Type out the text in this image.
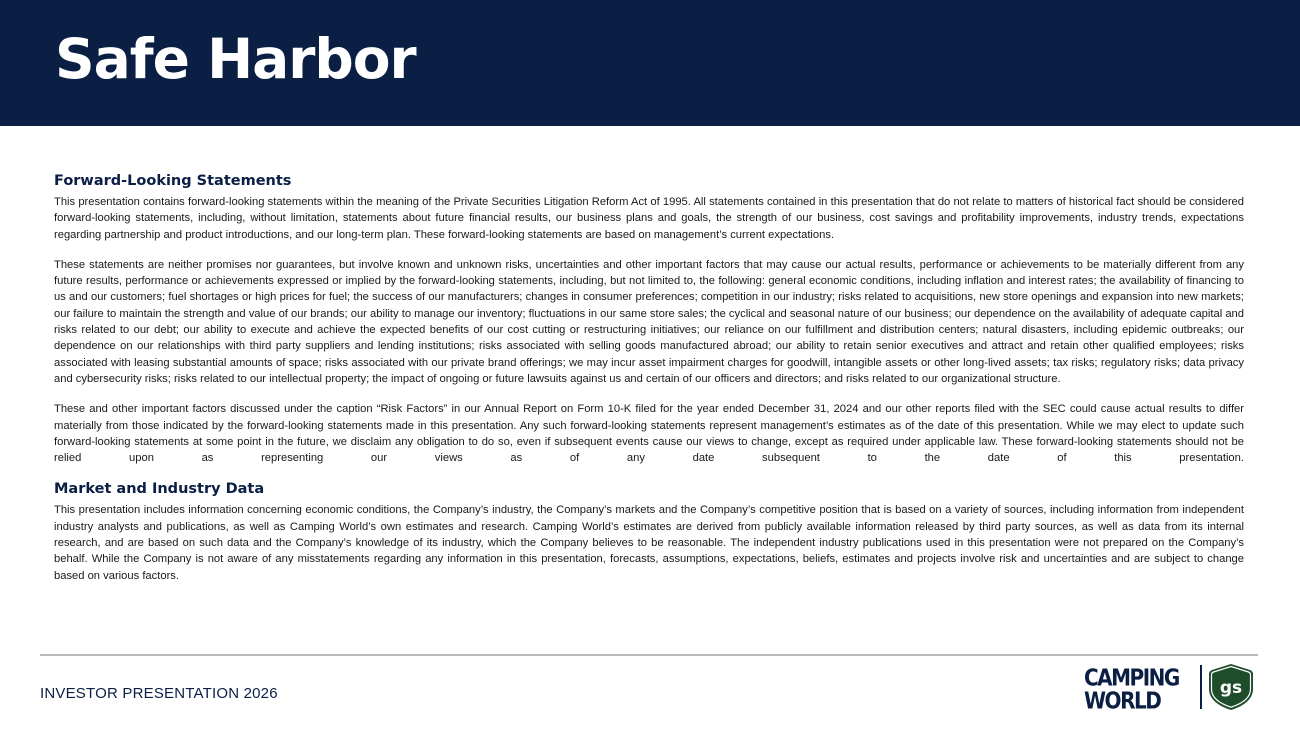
Safe Harbor
Forward-Looking Statements

This presentation contains forward-looking statements within the meaning of the Private Securities Litigation Reform Act of 1995. All statements contained in this presentation that do not relate to matters of historical fact should be considered forward-looking statements, including, without limitation, statements about future financial results, our business plans and goals, the strength of our business, cost savings and profitability improvements, industry trends, expectations regarding partnership and product introductions, and our long-term plan. These forward-looking statements are based on management’s current expectations.

These statements are neither promises nor guarantees, but involve known and unknown risks, uncertainties and other important factors that may cause our actual results, performance or achievements to be materially different from any future results, performance or achievements expressed or implied by the forward-looking statements, including, but not limited to, the following: general economic conditions, including inflation and interest rates; the availability of financing to us and our customers; fuel shortages or high prices for fuel; the success of our manufacturers; changes in consumer preferences; competition in our industry; risks related to acquisitions, new store openings and expansion into new markets; our failure to maintain the strength and value of our brands; our ability to manage our inventory; fluctuations in our same store sales; the cyclical and seasonal nature of our business; our dependence on the availability of adequate capital and risks related to our debt; our ability to execute and achieve the expected benefits of our cost cutting or restructuring initiatives; our reliance on our fulfillment and distribution centers; natural disasters, including epidemic outbreaks; our dependence on our relationships with third party suppliers and lending institutions; risks associated with selling goods manufactured abroad; our ability to retain senior executives and attract and retain other qualified employees; risks associated with leasing substantial amounts of space; risks associated with our private brand offerings; we may incur asset impairment charges for goodwill, intangible assets or other long-lived assets; tax risks; regulatory risks; data privacy and cybersecurity risks; risks related to our intellectual property; the impact of ongoing or future lawsuits against us and certain of our officers and directors; and risks related to our organizational structure.

These and other important factors discussed under the caption “Risk Factors” in our Annual Report on Form 10-K filed for the year ended December 31, 2024 and our other reports filed with the SEC could cause actual results to differ materially from those indicated by the forward-looking statements made in this presentation. Any such forward-looking statements represent management’s estimates as of the date of this presentation. While we may elect to update such forward-looking statements at some point in the future, we disclaim any obligation to do so, even if subsequent events cause our views to change, except as required under applicable law. These forward-looking statements should not be relied upon as representing our views as of any date subsequent to the date of this presentation.

Market and Industry Data

This presentation includes information concerning economic conditions, the Company’s industry, the Company’s markets and the Company’s competitive position that is based on a variety of sources, including information from independent industry analysts and publications, as well as Camping World’s own estimates and research. Camping World’s estimates are derived from publicly available information released by third party sources, as well as data from its internal research, and are based on such data and the Company’s knowledge of its industry, which the Company believes to be reasonable. The independent industry publications used in this presentation were not prepared on the Company’s behalf. While the Company is not aware of any misstatements regarding any information in this presentation, forecasts, assumptions, expectations, beliefs, estimates and projects involve risk and uncertainties and are subject to change based on various factors.

INVESTOR PRESENTATION 2026
CAMPING
WORLD	gs
